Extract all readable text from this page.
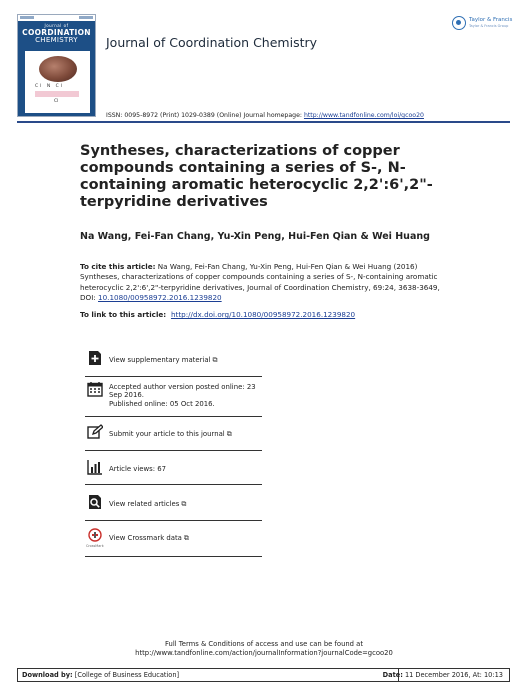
Journal of
COORDINATION
CHEMISTRY
Cl N Cl
Cl
Journal of Coordination Chemistry
Taylor & Francis
Taylor & Francis Group
ISSN: 0095-8972 (Print) 1029-0389 (Online) Journal homepage: http://www.tandfonline.com/loi/gcoo20
Syntheses, characterizations of copper compounds containing a series of S-, N-containing aromatic heterocyclic 2,2':6',2"-terpyridine derivatives
Na Wang, Fei-Fan Chang, Yu-Xin Peng, Hui-Fen Qian & Wei Huang
To cite this article: Na Wang, Fei-Fan Chang, Yu-Xin Peng, Hui-Fen Qian & Wei Huang (2016) Syntheses, characterizations of copper compounds containing a series of S-, N-containing aromatic heterocyclic 2,2':6',2"-terpyridine derivatives, Journal of Coordination Chemistry, 69:24, 3638-3649, DOI: 10.1080/00958972.2016.1239820
To link to this article:  http://dx.doi.org/10.1080/00958972.2016.1239820
View supplementary material ⧉
Accepted author version posted online: 23 Sep 2016.
Published online: 05 Oct 2016.
Submit your article to this journal ⧉
Article views: 67
View related articles ⧉
CrossMark
View Crossmark data ⧉
Full Terms & Conditions of access and use can be found at
http://www.tandfonline.com/action/journalInformation?journalCode=gcoo20
Download by: [College of Business Education]	Date: 11 December 2016, At: 10:13
